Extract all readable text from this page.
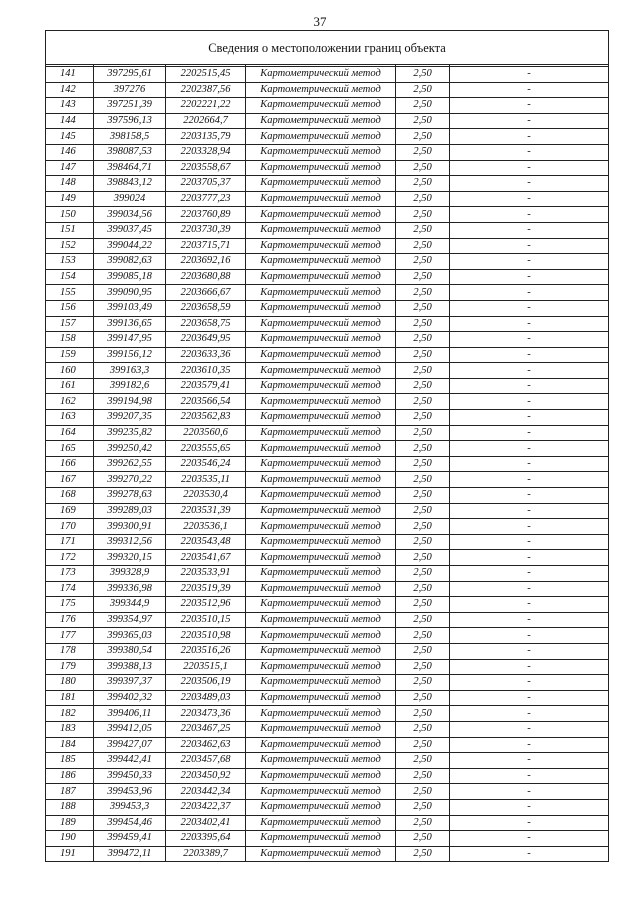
37
Сведения о местоположении границ объекта					

141	397295,61	2202515,45	Картометрический метод	2,50	-
142	397276	2202387,56	Картометрический метод	2,50	-
143	397251,39	2202221,22	Картометрический метод	2,50	-
144	397596,13	2202664,7	Картометрический метод	2,50	-
145	398158,5	2203135,79	Картометрический метод	2,50	-
146	398087,53	2203328,94	Картометрический метод	2,50	-
147	398464,71	2203558,67	Картометрический метод	2,50	-
148	398843,12	2203705,37	Картометрический метод	2,50	-
149	399024	2203777,23	Картометрический метод	2,50	-
150	399034,56	2203760,89	Картометрический метод	2,50	-
151	399037,45	2203730,39	Картометрический метод	2,50	-
152	399044,22	2203715,71	Картометрический метод	2,50	-
153	399082,63	2203692,16	Картометрический метод	2,50	-
154	399085,18	2203680,88	Картометрический метод	2,50	-
155	399090,95	2203666,67	Картометрический метод	2,50	-
156	399103,49	2203658,59	Картометрический метод	2,50	-
157	399136,65	2203658,75	Картометрический метод	2,50	-
158	399147,95	2203649,95	Картометрический метод	2,50	-
159	399156,12	2203633,36	Картометрический метод	2,50	-
160	399163,3	2203610,35	Картометрический метод	2,50	-
161	399182,6	2203579,41	Картометрический метод	2,50	-
162	399194,98	2203566,54	Картометрический метод	2,50	-
163	399207,35	2203562,83	Картометрический метод	2,50	-
164	399235,82	2203560,6	Картометрический метод	2,50	-
165	399250,42	2203555,65	Картометрический метод	2,50	-
166	399262,55	2203546,24	Картометрический метод	2,50	-
167	399270,22	2203535,11	Картометрический метод	2,50	-
168	399278,63	2203530,4	Картометрический метод	2,50	-
169	399289,03	2203531,39	Картометрический метод	2,50	-
170	399300,91	2203536,1	Картометрический метод	2,50	-
171	399312,56	2203543,48	Картометрический метод	2,50	-
172	399320,15	2203541,67	Картометрический метод	2,50	-
173	399328,9	2203533,91	Картометрический метод	2,50	-
174	399336,98	2203519,39	Картометрический метод	2,50	-
175	399344,9	2203512,96	Картометрический метод	2,50	-
176	399354,97	2203510,15	Картометрический метод	2,50	-
177	399365,03	2203510,98	Картометрический метод	2,50	-
178	399380,54	2203516,26	Картометрический метод	2,50	-
179	399388,13	2203515,1	Картометрический метод	2,50	-
180	399397,37	2203506,19	Картометрический метод	2,50	-
181	399402,32	2203489,03	Картометрический метод	2,50	-
182	399406,11	2203473,36	Картометрический метод	2,50	-
183	399412,05	2203467,25	Картометрический метод	2,50	-
184	399427,07	2203462,63	Картометрический метод	2,50	-
185	399442,41	2203457,68	Картометрический метод	2,50	-
186	399450,33	2203450,92	Картометрический метод	2,50	-
187	399453,96	2203442,34	Картометрический метод	2,50	-
188	399453,3	2203422,37	Картометрический метод	2,50	-
189	399454,46	2203402,41	Картометрический метод	2,50	-
190	399459,41	2203395,64	Картометрический метод	2,50	-
191	399472,11	2203389,7	Картометрический метод	2,50	-
